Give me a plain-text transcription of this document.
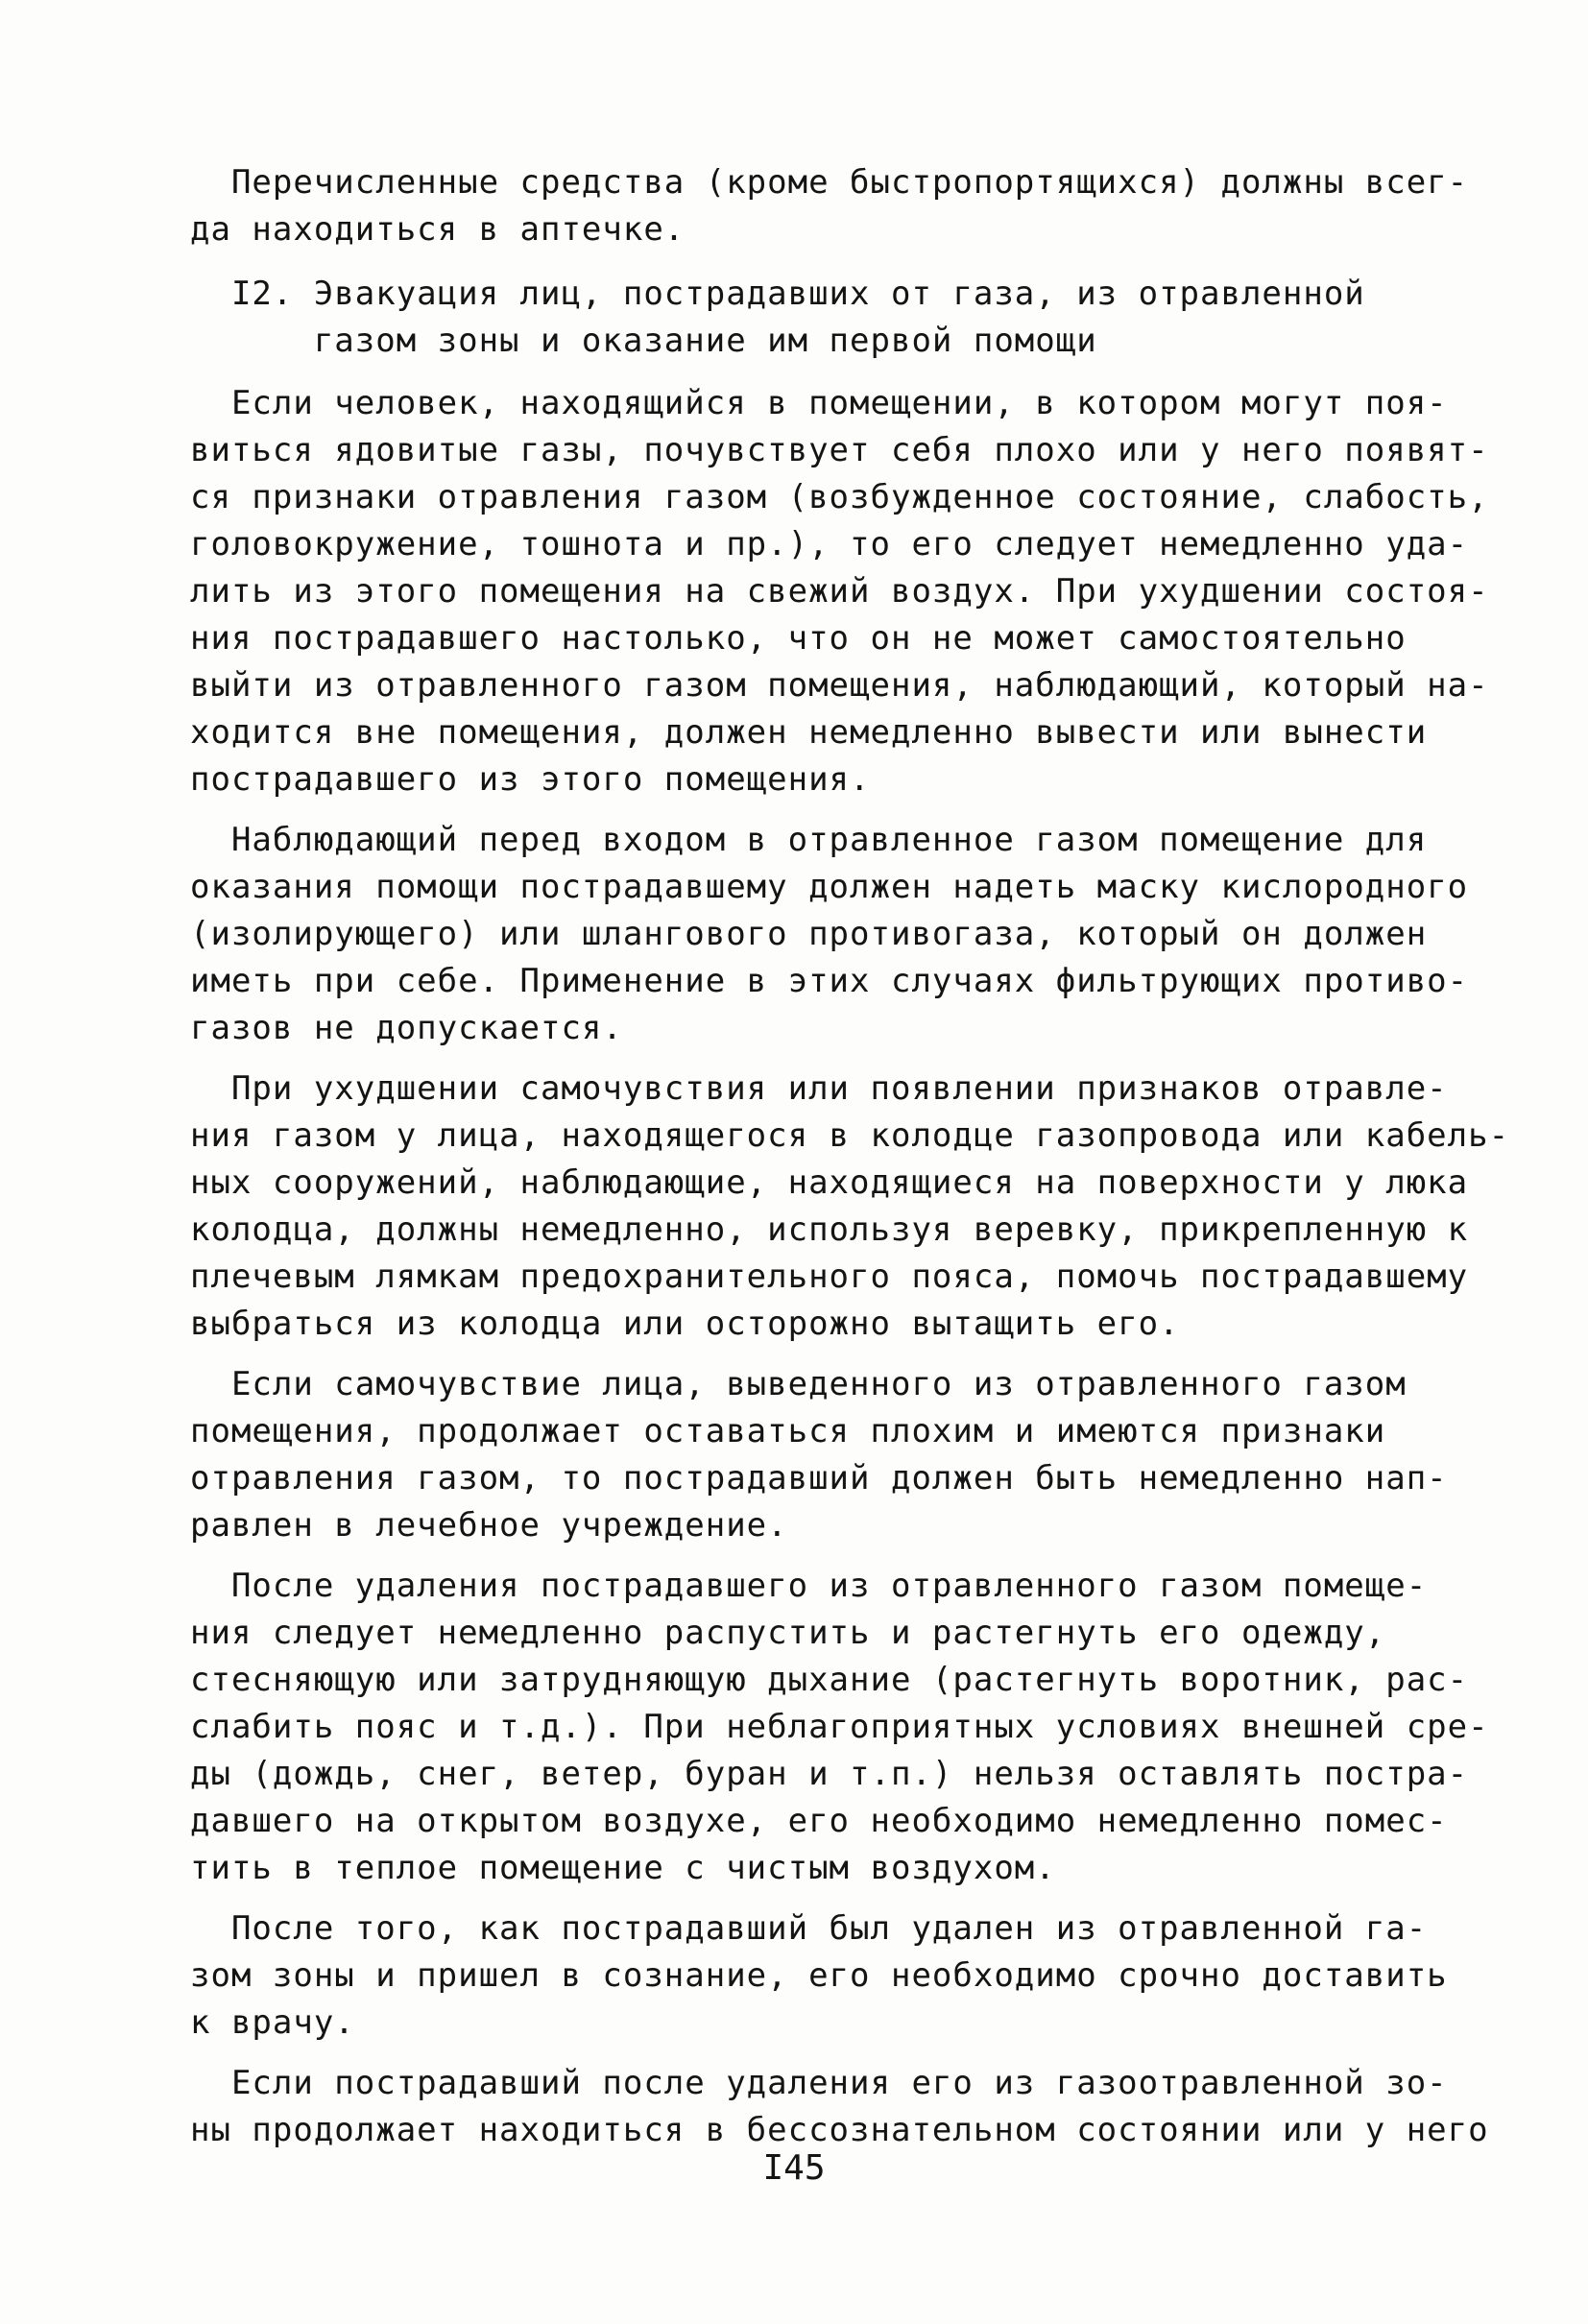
Перечисленные средства (кроме быстропортящихся) должны всег-
да находиться в аптечке.
I2. Эвакуация лиц, пострадавших от газа, из отравленной
газом зоны и оказание им первой помощи
Если человек, находящийся в помещении, в котором могут поя-
виться ядовитые газы, почувствует себя плохо или у него появят-
ся признаки отравления газом (возбужденное состояние, слабость,
головокружение, тошнота и пр.), то его следует немедленно уда-
лить из этого помещения на свежий воздух. При ухудшении состоя-
ния пострадавшего настолько, что он не может самостоятельно
выйти из отравленного газом помещения, наблюдающий, который на-
ходится вне помещения, должен немедленно вывести или вынести
пострадавшего из этого помещения.
Наблюдающий перед входом в отравленное газом помещение для
оказания помощи пострадавшему должен надеть маску кислородного
(изолирующего) или шлангового противогаза, который он должен
иметь при себе. Применение в этих случаях фильтрующих противо-
газов не допускается.
При ухудшении самочувствия или появлении признаков отравле-
ния газом у лица, находящегося в колодце газопровода или кабель-
ных сооружений, наблюдающие, находящиеся на поверхности у люка
колодца, должны немедленно, используя веревку, прикрепленную к
плечевым лямкам предохранительного пояса, помочь пострадавшему
выбраться из колодца или осторожно вытащить его.
Если самочувствие лица, выведенного из отравленного газом
помещения, продолжает оставаться плохим и имеются признаки
отравления газом, то пострадавший должен быть немедленно нап-
равлен в лечебное учреждение.
После удаления пострадавшего из отравленного газом помеще-
ния следует немедленно распустить и растегнуть его одежду,
стесняющую или затрудняющую дыхание (растегнуть воротник, рас-
слабить пояс и т.д.). При неблагоприятных условиях внешней сре-
ды (дождь, снег, ветер, буран и т.п.) нельзя оставлять постра-
давшего на открытом воздухе, его необходимо немедленно помес-
тить в теплое помещение с чистым воздухом.
После того, как пострадавший был удален из отравленной га-
зом зоны и пришел в сознание, его необходимо срочно доставить
к врачу.
Если пострадавший после удаления его из газоотравленной зо-
ны продолжает находиться в бессознательном состоянии или у него
I45
